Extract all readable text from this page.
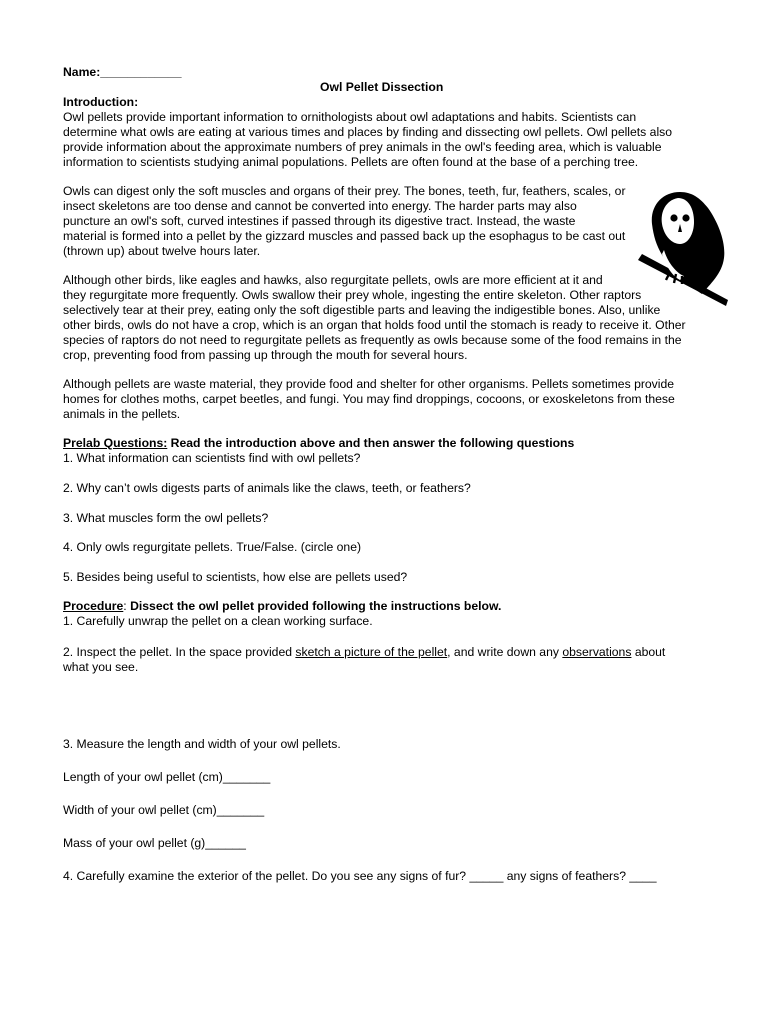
Name:____________
Owl Pellet Dissection
Introduction:
Owl pellets provide important information to ornithologists about owl adaptations and habits. Scientists can
determine what owls are eating at various times and places by finding and dissecting owl pellets. Owl pellets also
provide information about the approximate numbers of prey animals in the owl's feeding area, which is valuable
information to scientists studying animal populations. Pellets are often found at the base of a perching tree.
Owls can digest only the soft muscles and organs of their prey. The bones, teeth, fur, feathers, scales, or
insect skeletons are too dense and cannot be converted into energy. The harder parts may also
puncture an owl's soft, curved intestines if passed through its digestive tract. Instead, the waste
material is formed into a pellet by the gizzard muscles and passed back up the esophagus to be cast out
(thrown up) about twelve hours later.
Although other birds, like eagles and hawks, also regurgitate pellets, owls are more efficient at it and
they regurgitate more frequently. Owls swallow their prey whole, ingesting the entire skeleton. Other raptors
selectively tear at their prey, eating only the soft digestible parts and leaving the indigestible bones. Also, unlike
other birds, owls do not have a crop, which is an organ that holds food until the stomach is ready to receive it. Other
species of raptors do not need to regurgitate pellets as frequently as owls because some of the food remains in the
crop, preventing food from passing up through the mouth for several hours.
Although pellets are waste material, they provide food and shelter for other organisms. Pellets sometimes provide
homes for clothes moths, carpet beetles, and fungi. You may find droppings, cocoons, or exoskeletons from these
animals in the pellets.
Prelab Questions: Read the introduction above and then answer the following questions
1. What information can scientists find with owl pellets?
2. Why can’t owls digests parts of animals like the claws, teeth, or feathers?
3. What muscles form the owl pellets?
4. Only owls regurgitate pellets. True/False. (circle one)
5. Besides being useful to scientists, how else are pellets used?
Procedure: Dissect the owl pellet provided following the instructions below.
1. Carefully unwrap the pellet on a clean working surface.
2. Inspect the pellet. In the space provided sketch a picture of the pellet, and write down any observations about
what you see.
3. Measure the length and width of your owl pellets.
Length of your owl pellet (cm)_______
Width of your owl pellet (cm)_______
Mass of your owl pellet (g)______
4. Carefully examine the exterior of the pellet. Do you see any signs of fur? _____ any signs of feathers? ____
